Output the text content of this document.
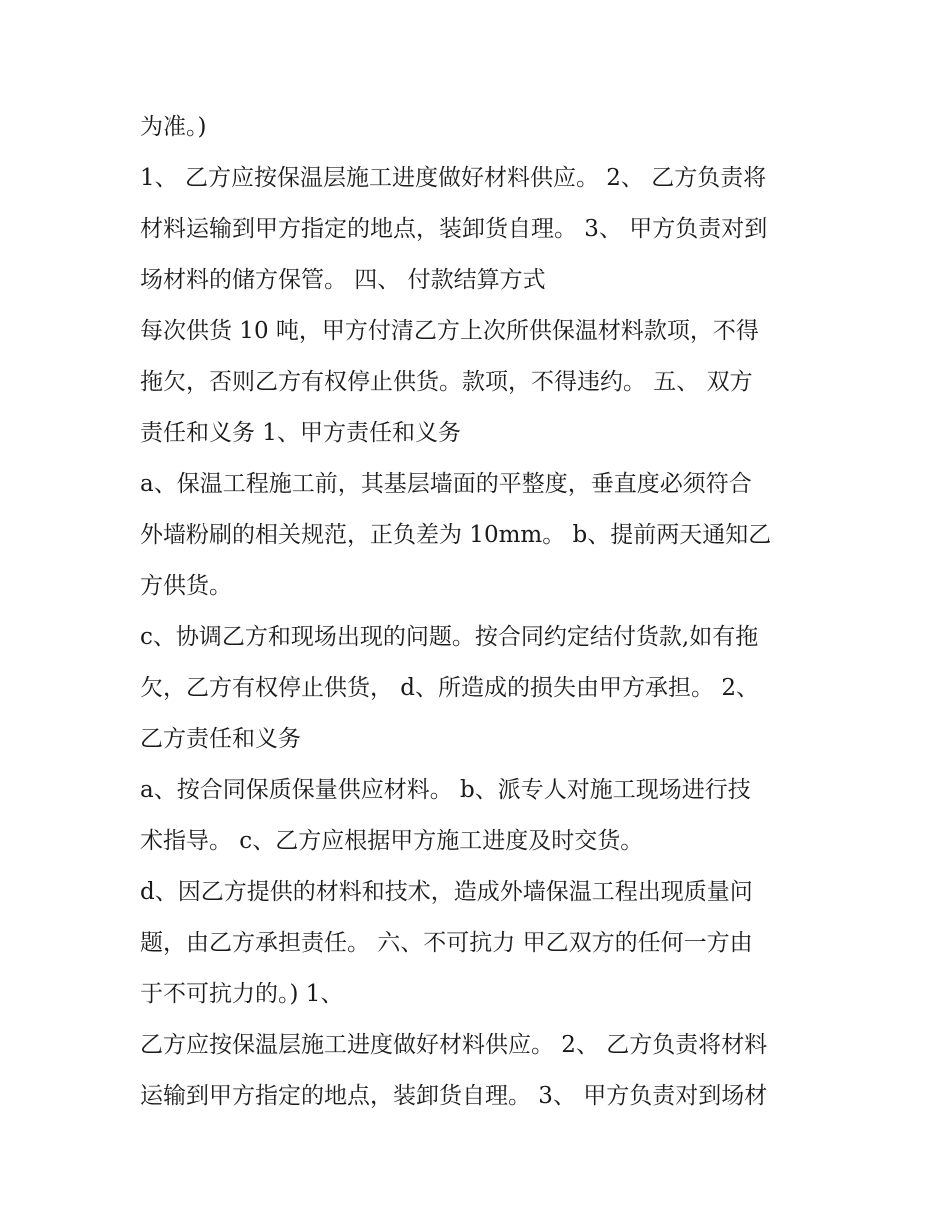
为准。)
1、 乙方应按保温层施工进度做好材料供应。 2、 乙方负责将
材料运输到甲方指定的地点，装卸货自理。 3、 甲方负责对到
场材料的储方保管。 四、 付款结算方式
每次供货 10 吨，甲方付清乙方上次所供保温材料款项，不得
拖欠，否则乙方有权停止供货。款项，不得违约。 五、 双方
责任和义务 1、甲方责任和义务
a、保温工程施工前，其基层墙面的平整度，垂直度必须符合
外墙粉刷的相关规范，正负差为 10mm。 b、提前两天通知乙
方供货。
c、协调乙方和现场出现的问题。按合同约定结付货款,如有拖
欠，乙方有权停止供货， d、所造成的损失由甲方承担。 2、
乙方责任和义务
a、按合同保质保量供应材料。 b、派专人对施工现场进行技
术指导。 c、乙方应根据甲方施工进度及时交货。
d、因乙方提供的材料和技术，造成外墙保温工程出现质量问
题，由乙方承担责任。 六、不可抗力 甲乙双方的任何一方由
于不可抗力的。) 1、
乙方应按保温层施工进度做好材料供应。 2、 乙方负责将材料
运输到甲方指定的地点，装卸货自理。 3、 甲方负责对到场材
